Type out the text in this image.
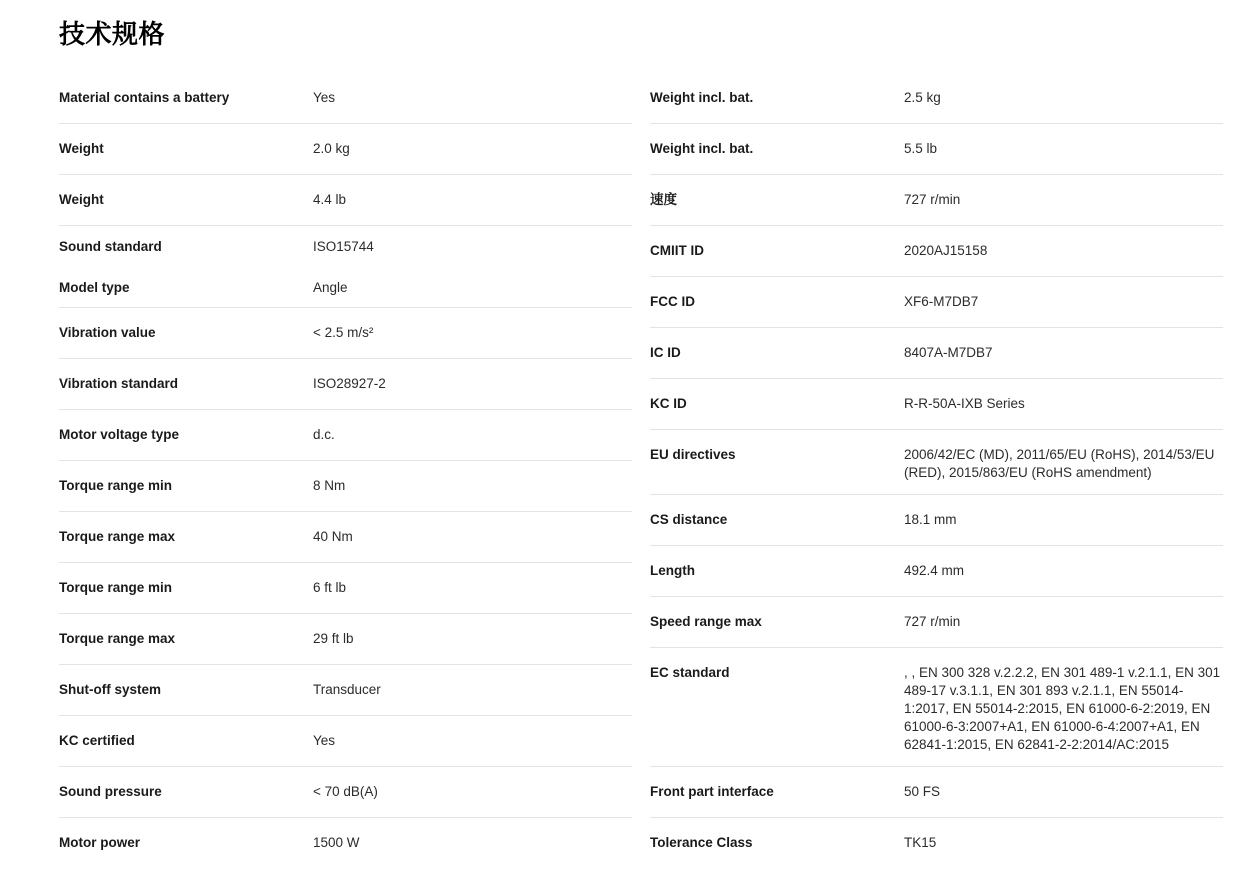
技术规格
Material contains a battery	Yes
Weight	2.0 kg
Weight	4.4 lb
Sound standard	ISO15744
Model type	Angle
Vibration value	< 2.5 m/s²
Vibration standard	ISO28927-2
Motor voltage type	d.c.
Torque range min	8 Nm
Torque range max	40 Nm
Torque range min	6 ft lb
Torque range max	29 ft lb
Shut-off system	Transducer
KC certified	Yes
Sound pressure	< 70 dB(A)
Motor power	1500 W
Weight incl. bat.	2.5 kg
Weight incl. bat.	5.5 lb
速度	727 r/min
CMIIT ID	2020AJ15158
FCC ID	XF6-M7DB7
IC ID	8407A-M7DB7
KC ID	R-R-50A-IXB Series
EU directives	2006/42/EC (MD), 2011/65/EU (RoHS), 2014/53/EU (RED), 2015/863/EU (RoHS amendment)
CS distance	18.1 mm
Length	492.4 mm
Speed range max	727 r/min
EC standard	, , EN 300 328 v.2.2.2, EN 301 489-1 v.2.1.1, EN 301 489-17 v.3.1.1, EN 301 893 v.2.1.1, EN 55014-1:2017, EN 55014-2:2015, EN 61000-6-2:2019, EN 61000-6-3:2007+A1, EN 61000-6-4:2007+A1, EN 62841-1:2015, EN 62841-2-2:2014/AC:2015
Front part interface	50 FS
Tolerance Class	TK15
